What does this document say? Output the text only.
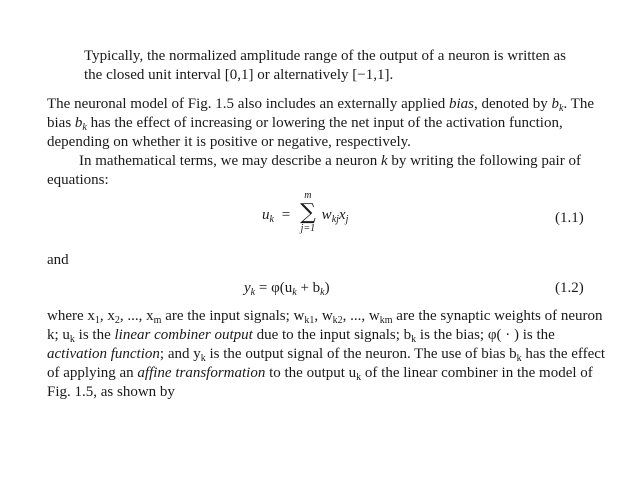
Typically, the normalized amplitude range of the output of a neuron is written as
the closed unit interval [0,1] or alternatively [−1,1].

The neuronal model of Fig. 1.5 also includes an externally applied bias, denoted by $b_k$. The bias $b_k$ has the effect of increasing or lowering the net input of the activation function, depending on whether it is positive or negative, respectively.

In mathematical terms, we may describe a neuron k by writing the following pair of equations:

$u_k$ =
m
∑
j=1
$w_{kj}x_j$	(1.1)
and
$y_k = \varphi(u_k + b_k)$	(1.2)

where $x_1$, $x_2$, ..., $x_m$ are the input signals; $w_{k1}$, $w_{k2}$, ..., $w_{km}$ are the synaptic weights of neuron k; $u_k$ is the linear combiner output due to the input signals; $b_k$ is the bias; φ( · ) is the activation function; and $y_k$ is the output signal of the neuron. The use of bias $b_k$ has the effect of applying an affine transformation to the output $u_k$ of the linear combiner in the model of Fig. 1.5, as shown by
